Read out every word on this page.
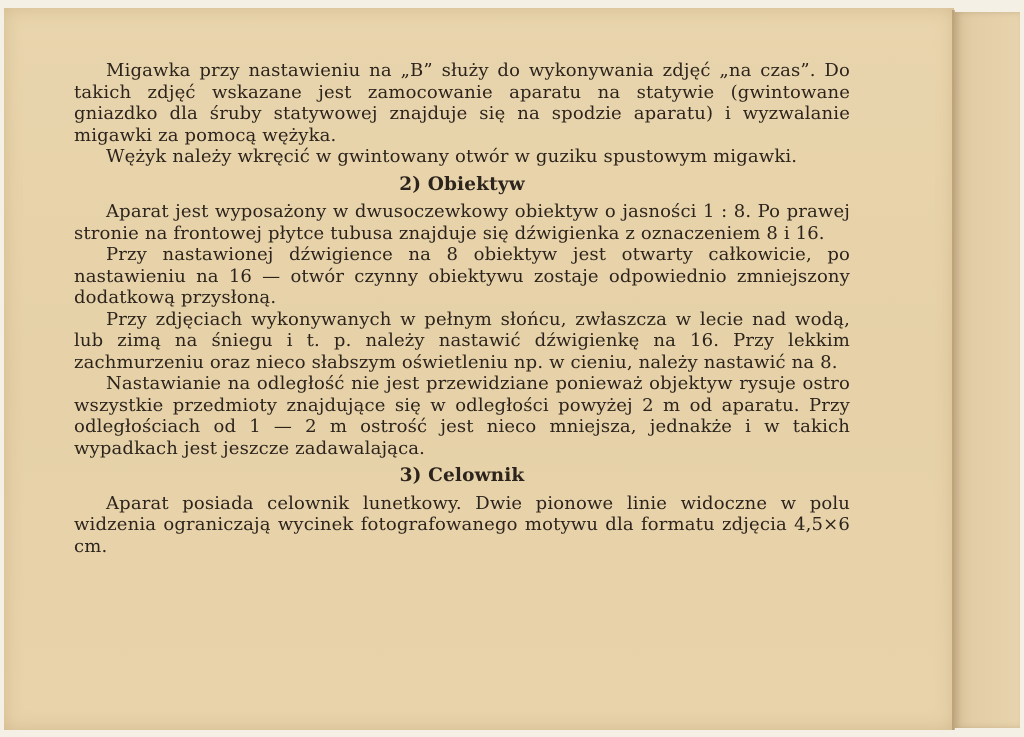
Migawka przy nastawieniu na „B” służy do wykonywania zdjęć „na czas”. Do takich zdjęć wskazane jest zamocowanie aparatu na statywie (gwintowane gniazdko dla śruby statywowej znajduje się na spodzie aparatu) i wyzwalanie migawki za pomocą wężyka.

Wężyk należy wkręcić w gwintowany otwór w guziku spustowym migawki.

2) Obiektyw

Aparat jest wyposażony w dwusoczewkowy obiektyw o jasności 1 : 8. Po prawej stronie na frontowej płytce tubusa znajduje się dźwigienka z oznaczeniem 8 i 16.

Przy nastawionej dźwigience na 8 obiektyw jest otwarty całkowicie, po nastawieniu na 16 — otwór czynny obiektywu zostaje odpowiednio zmniejszony dodatkową przysłoną.

Przy zdjęciach wykonywanych w pełnym słońcu, zwłaszcza w lecie nad wodą, lub zimą na śniegu i t. p. należy nastawić dźwigienkę na 16. Przy lekkim zachmurzeniu oraz nieco słabszym oświetleniu np. w cieniu, należy nastawić na 8.

Nastawianie na odległość nie jest przewidziane ponieważ objektyw rysuje ostro wszystkie przedmioty znajdujące się w odległości powyżej 2 m od aparatu. Przy odległościach od 1 — 2 m ostrość jest nieco mniejsza, jednakże i w takich wypadkach jest jeszcze zadawalająca.

3) Celownik

Aparat posiada celownik lunetkowy. Dwie pionowe linie widoczne w polu widzenia ograniczają wycinek fotografowanego motywu dla formatu zdjęcia 4,5×6 cm.
